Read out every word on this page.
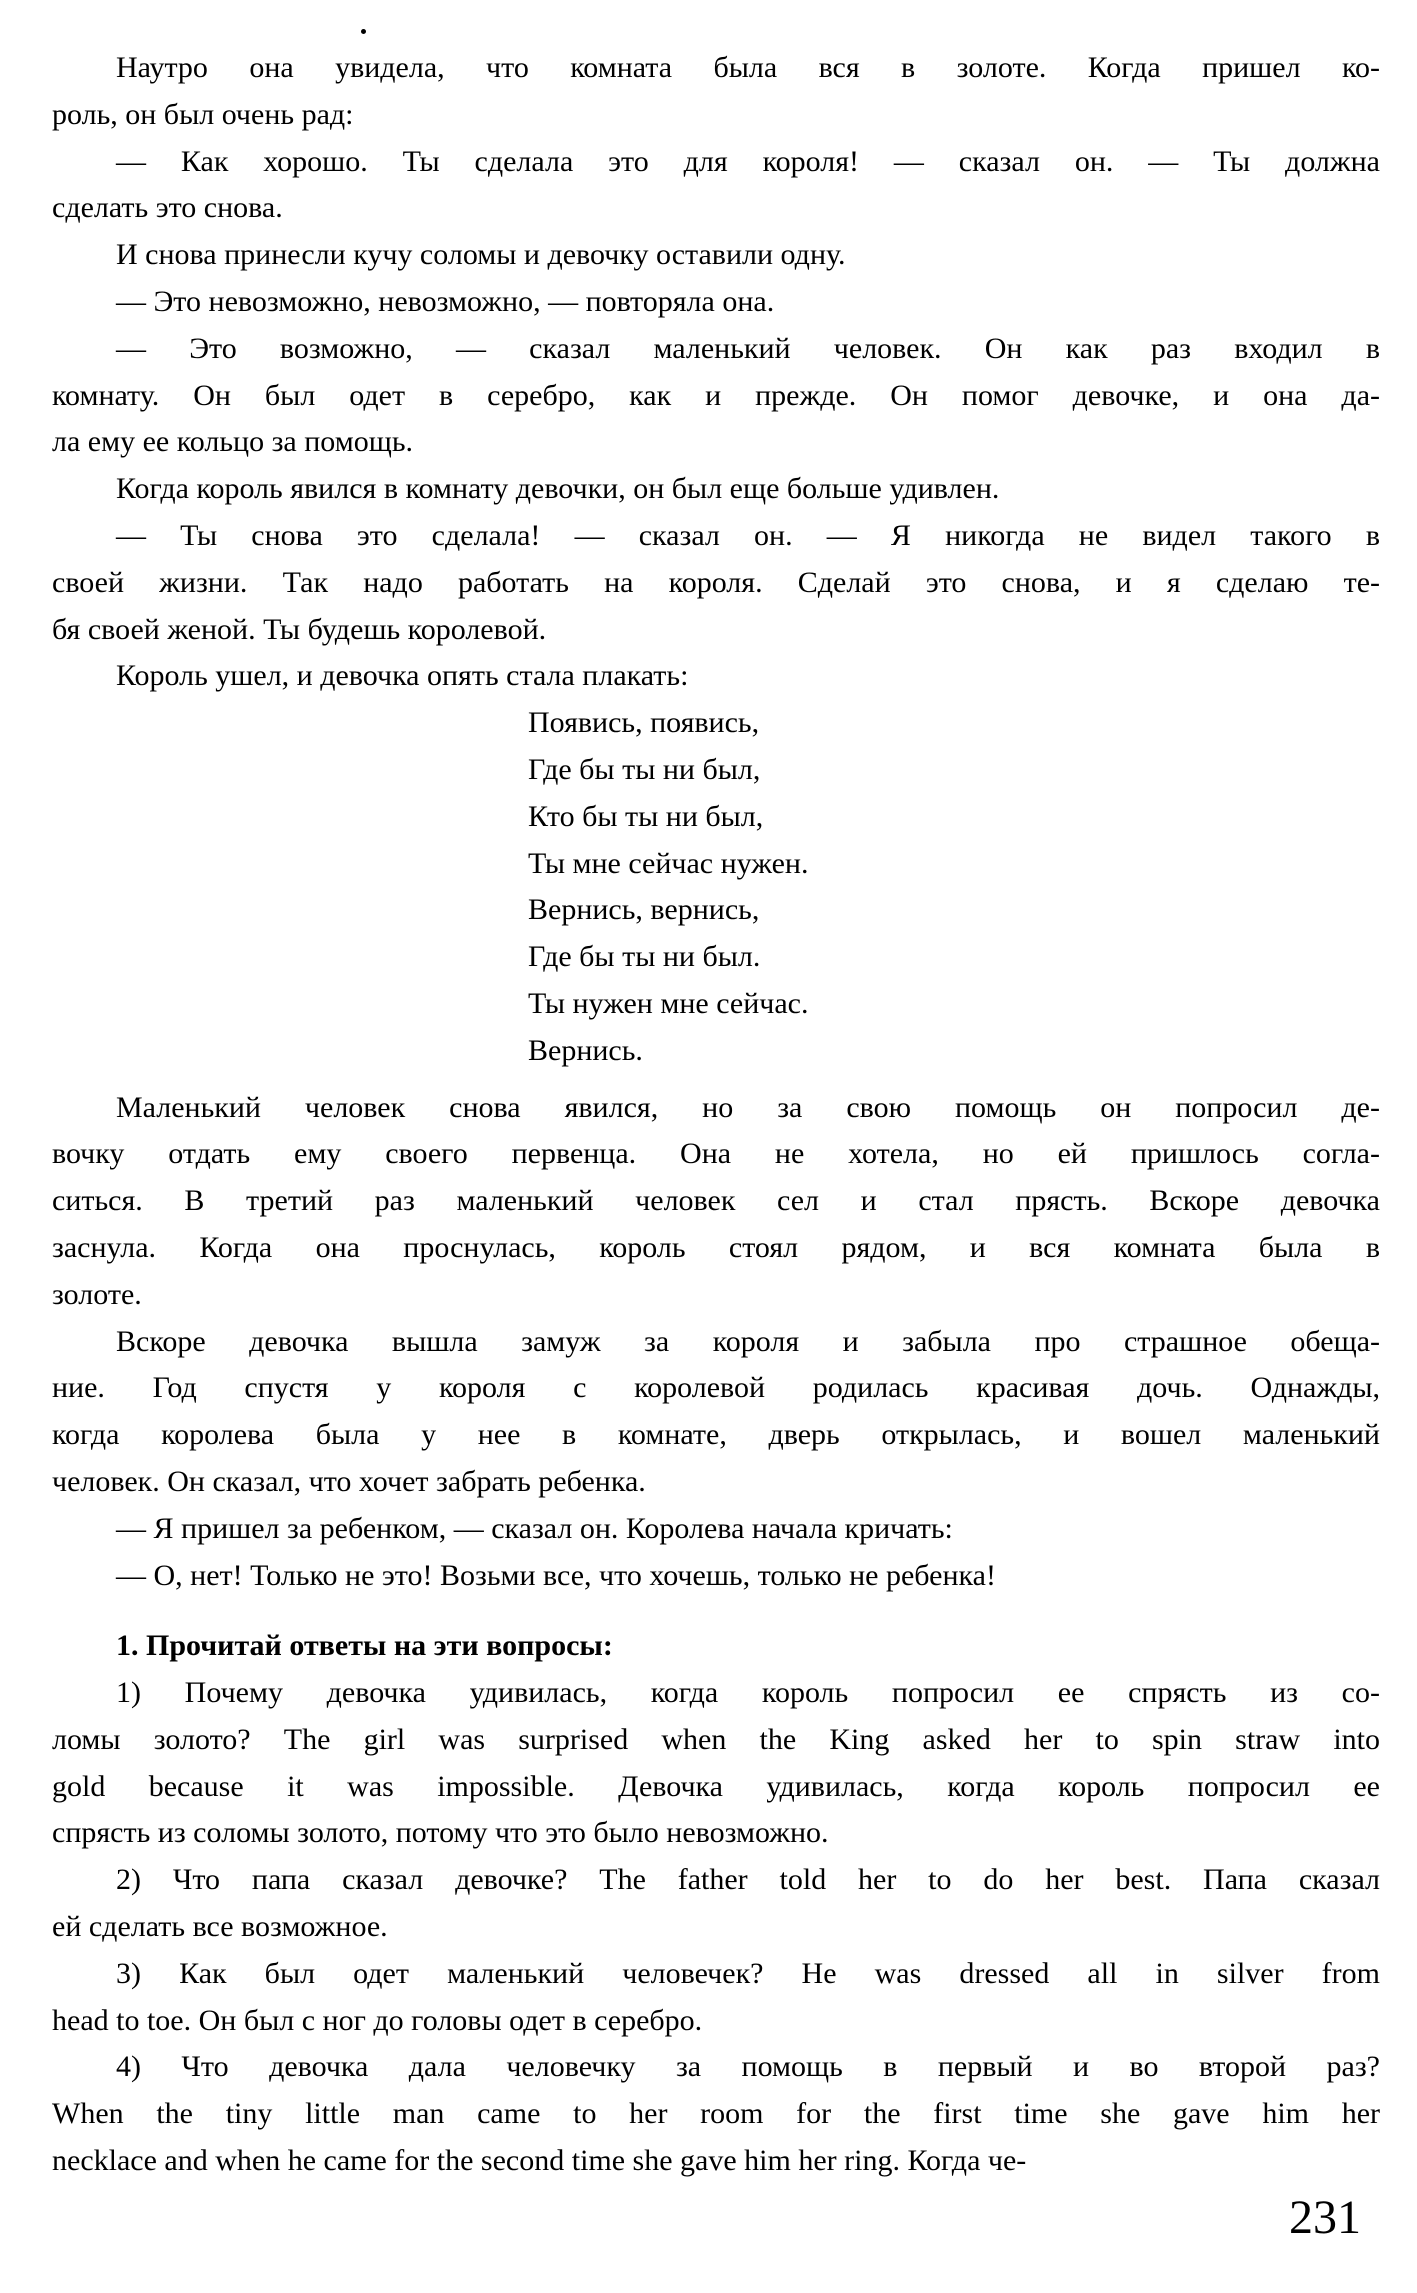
Наутро она увидела, что комната была вся в золоте. Когда пришел ко-
роль, он был очень рад:
— Как хорошо. Ты сделала это для короля! — сказал он. — Ты должна
сделать это снова.
И снова принесли кучу соломы и девочку оставили одну.
— Это невозможно, невозможно, — повторяла она.
— Это возможно, — сказал маленький человек. Он как раз входил в
комнату. Он был одет в серебро, как и прежде. Он помог девочке, и она да-
ла ему ее кольцо за помощь.
Когда король явился в комнату девочки, он был еще больше удивлен.
— Ты снова это сделала! — сказал он. — Я никогда не видел такого в
своей жизни. Так надо работать на короля. Сделай это снова, и я сделаю те-
бя своей женой. Ты будешь королевой.
Король ушел, и девочка опять стала плакать:
Появись, появись,
Где бы ты ни был,
Кто бы ты ни был,
Ты мне сейчас нужен.
Вернись, вернись,
Где бы ты ни был.
Ты нужен мне сейчас.
Вернись.
Маленький человек снова явился, но за свою помощь он попросил де-
вочку отдать ему своего первенца. Она не хотела, но ей пришлось согла-
ситься. В третий раз маленький человек сел и стал прясть. Вскоре девочка
заснула. Когда она проснулась, король стоял рядом, и вся комната была в
золоте.
Вскоре девочка вышла замуж за короля и забыла про страшное обеща-
ние. Год спустя у короля с королевой родилась красивая дочь. Однажды,
когда королева была у нее в комнате, дверь открылась, и вошел маленький
человек. Он сказал, что хочет забрать ребенка.
— Я пришел за ребенком, — сказал он. Королева начала кричать:
— О, нет! Только не это! Возьми все, что хочешь, только не ребенка!
1. Прочитай ответы на эти вопросы:
1) Почему девочка удивилась, когда король попросил ее спрясть из со-
ломы золото? The girl was surprised when the King asked her to spin straw into
gold because it was impossible. Девочка удивилась, когда король попросил ее
спрясть из соломы золото, потому что это было невозможно.
2) Что папа сказал девочке? The father told her to do her best. Папа сказал
ей сделать все возможное.
3) Как был одет маленький человечек? He was dressed all in silver from
head to toe. Он был с ног до головы одет в серебро.
4) Что девочка дала человечку за помощь в первый и во второй раз?
When the tiny little man came to her room for the first time she gave him her
necklace and when he came for the second time she gave him her ring. Когда че-
231
